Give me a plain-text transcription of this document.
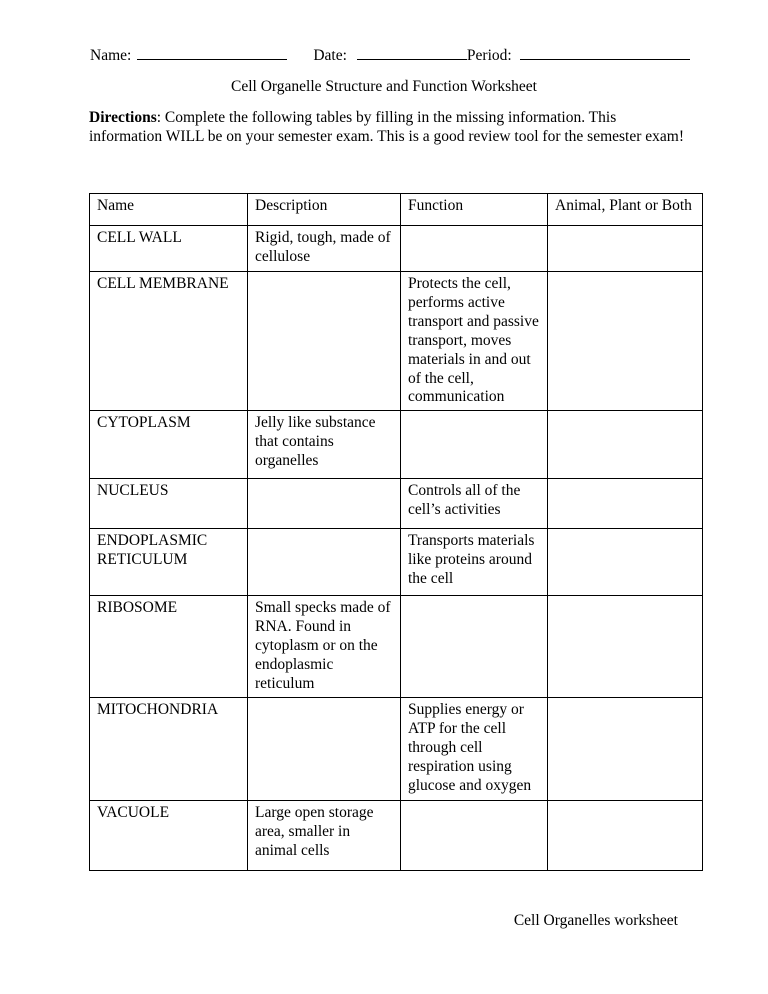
Name:	Date:	Period:
Cell Organelle Structure and Function Worksheet
Directions: Complete the following tables by filling in the missing information. This information WILL be on your semester exam. This is a good review tool for the semester exam!
Name	Description	Function	Animal, Plant or Both
CELL WALL	Rigid, tough, made of cellulose		
CELL MEMBRANE		Protects the cell, performs active transport and passive transport, moves materials in and out of the cell, communication	
CYTOPLASM	Jelly like substance that contains organelles		
NUCLEUS		Controls all of the cell’s activities	
ENDOPLASMIC RETICULUM		Transports materials like proteins around the cell	
RIBOSOME	Small specks made of RNA. Found in cytoplasm or on the endoplasmic reticulum		
MITOCHONDRIA		Supplies energy or ATP for the cell through cell respiration using glucose and oxygen	
VACUOLE	Large open storage area, smaller in animal cells		
Cell Organelles worksheet
